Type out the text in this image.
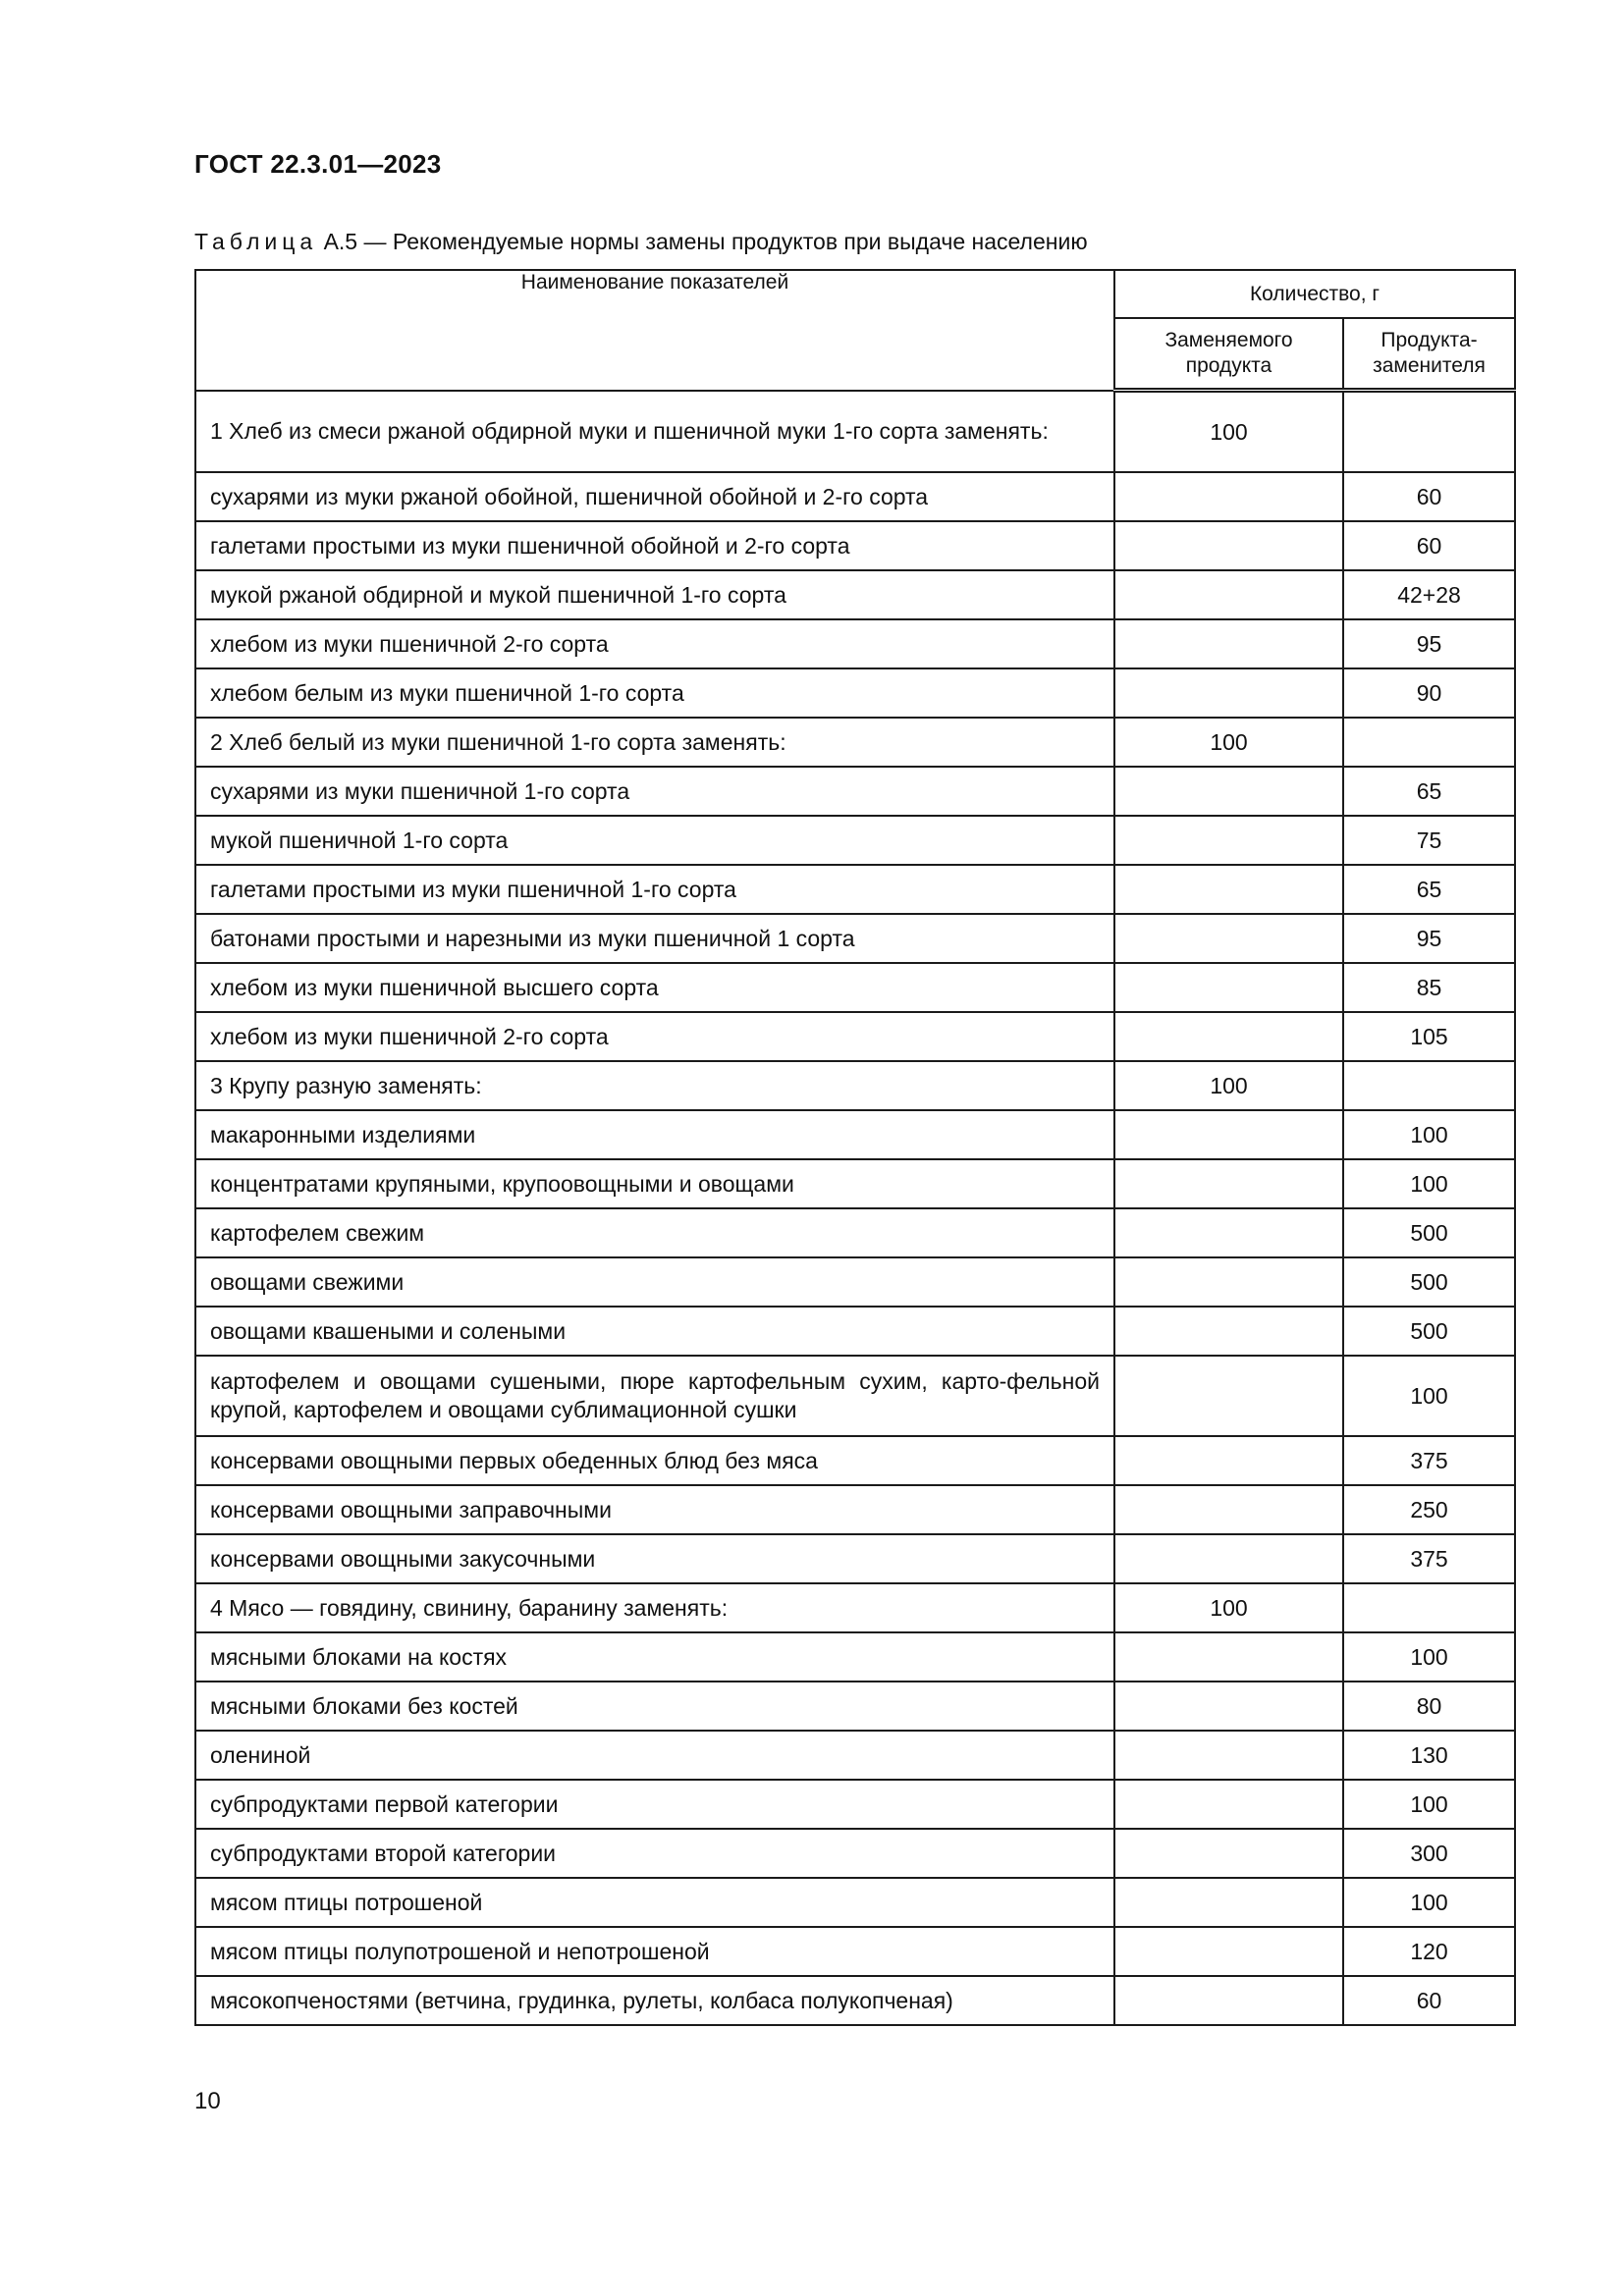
ГОСТ 22.3.01—2023
Таблица А.5 — Рекомендуемые нормы замены продуктов при выдаче населению
Наименование показателей	Количество, г	
	Заменяемого продукта	Продукта-заменителя
1 Хлеб из смеси ржаной обдирной муки и пшеничной муки 1-го сорта заменять:	100	
сухарями из муки ржаной обойной, пшеничной обойной и 2-го сорта		60
галетами простыми из муки пшеничной обойной и 2-го сорта		60
мукой ржаной обдирной и мукой пшеничной 1-го сорта		42+28
хлебом из муки пшеничной 2-го сорта		95
хлебом белым из муки пшеничной 1-го сорта		90
2 Хлеб белый из муки пшеничной 1-го сорта заменять:	100	
сухарями из муки пшеничной 1-го сорта		65
мукой пшеничной 1-го сорта		75
галетами простыми из муки пшеничной 1-го сорта		65
батонами простыми и нарезными из муки пшеничной 1 сорта		95
хлебом из муки пшеничной высшего сорта		85
хлебом из муки пшеничной 2-го сорта		105
3 Крупу разную заменять:	100	
макаронными изделиями		100
концентратами крупяными, крупоовощными и овощами		100
картофелем свежим		500
овощами свежими		500
овощами квашеными и солеными		500
картофелем и овощами сушеными, пюре картофельным сухим, карто-фельной крупой, картофелем и овощами сублимационной сушки		100
консервами овощными первых обеденных блюд без мяса		375
консервами овощными заправочными		250
консервами овощными закусочными		375
4 Мясо — говядину, свинину, баранину заменять:	100	
мясными блоками на костях		100
мясными блоками без костей		80
олениной		130
субпродуктами первой категории		100
субпродуктами второй категории		300
мясом птицы потрошеной		100
мясом птицы полупотрошеной и непотрошеной		120
мясокопченостями (ветчина, грудинка, рулеты, колбаса полукопченая)		60
10
